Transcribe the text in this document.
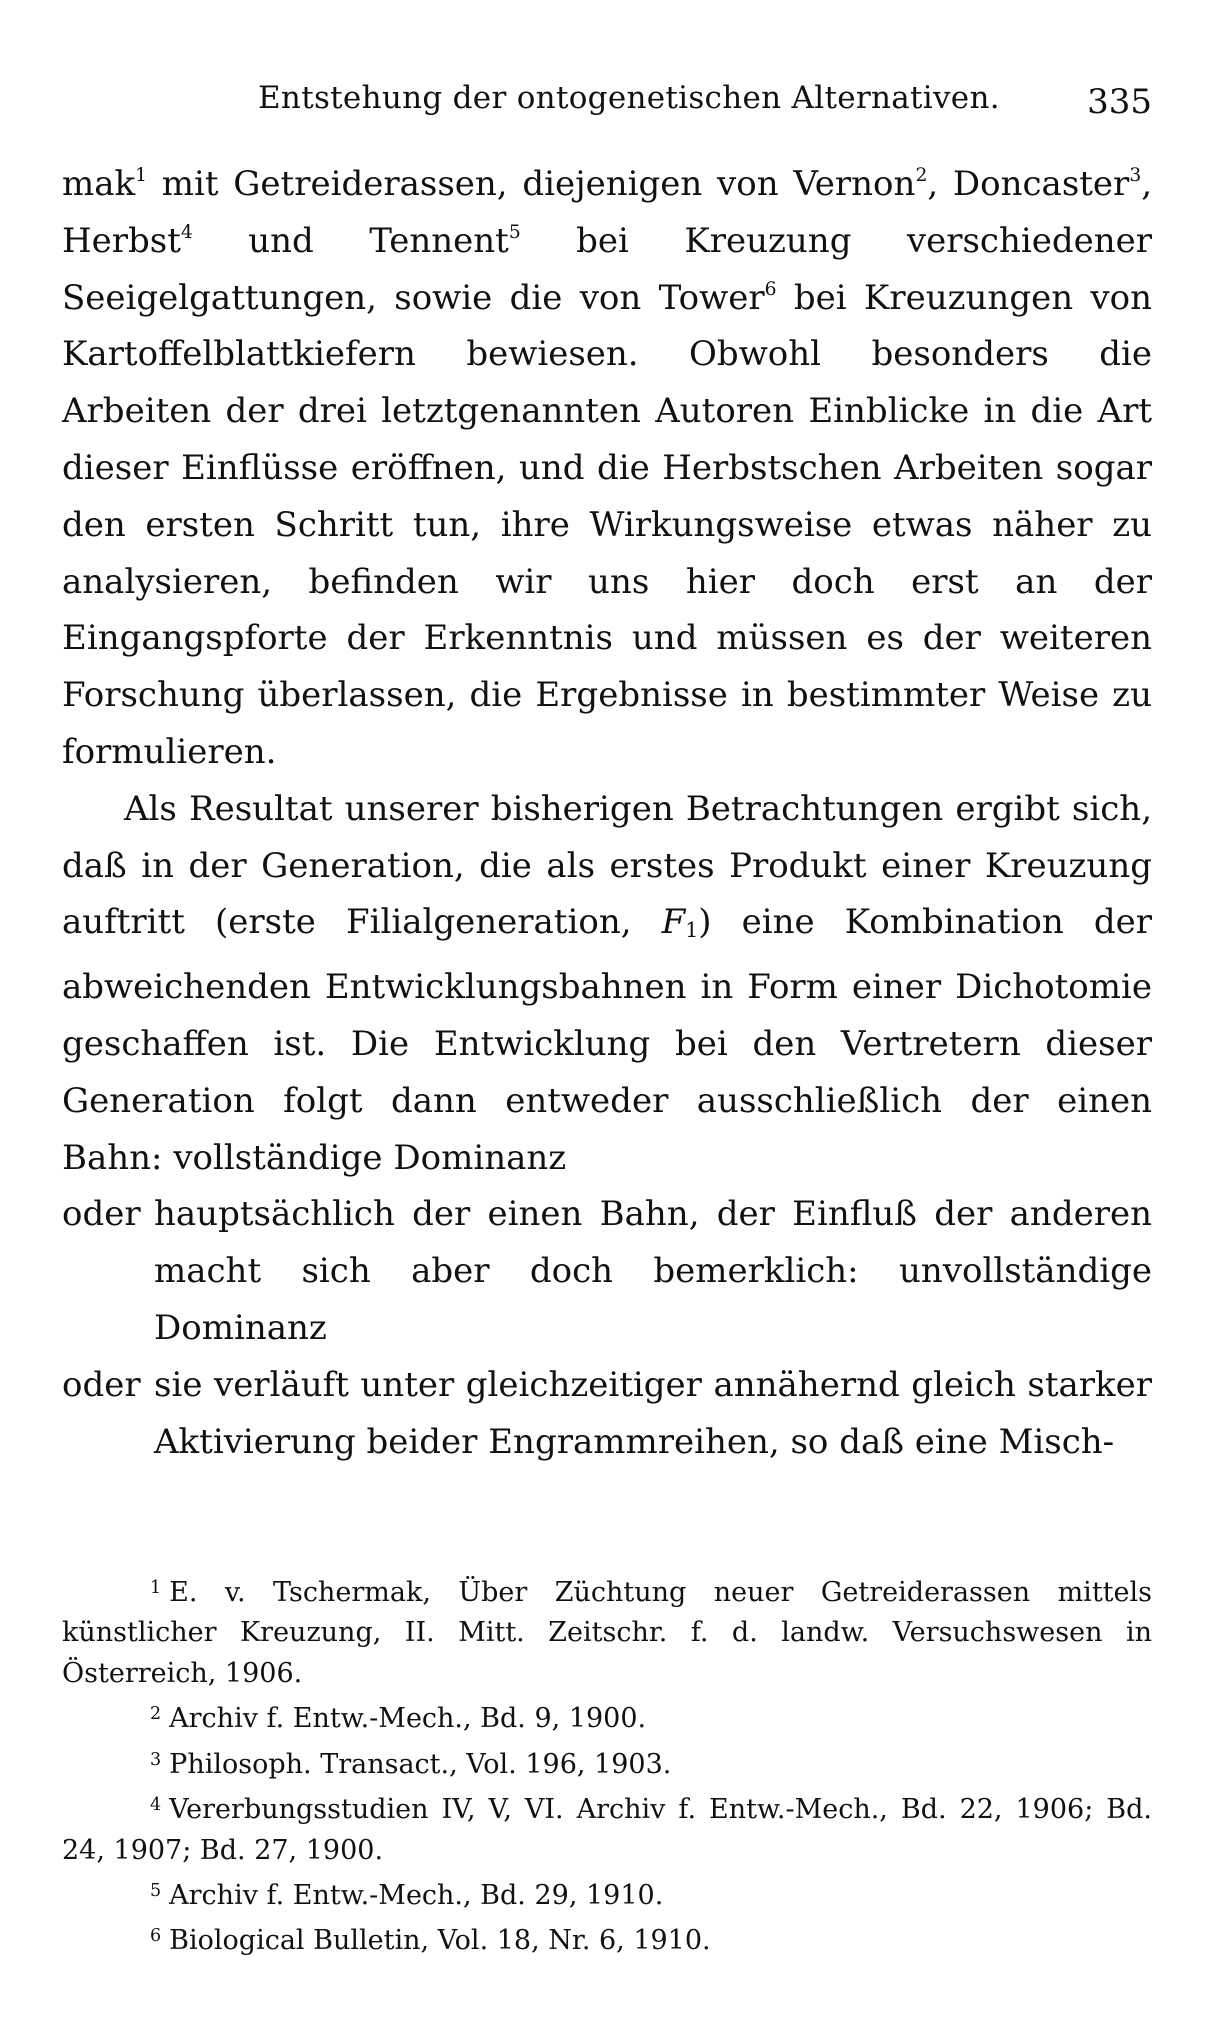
Entstehung der ontogenetischen Alternativen.	335

mak$^1$ mit Getreiderassen, diejenigen von Vernon$^2$, Doncaster$^3$, Herbst$^4$ und Tennent$^5$ bei Kreuzung verschiedener Seeigelgattungen, sowie die von Tower$^6$ bei Kreuzungen von Kartoffelblattkiefern bewiesen. Obwohl besonders die Arbeiten der drei letztgenannten Autoren Einblicke in die Art dieser Einflüsse eröffnen, und die Herbstschen Arbeiten sogar den ersten Schritt tun, ihre Wirkungsweise etwas näher zu analysieren, befinden wir uns hier doch erst an der Eingangspforte der Erkenntnis und müssen es der weiteren Forschung überlassen, die Ergebnisse in bestimmter Weise zu formulieren.

Als Resultat unserer bisherigen Betrachtungen ergibt sich, daß in der Generation, die als erstes Produkt einer Kreuzung auftritt (erste Filialgeneration, $F_1$) eine Kombination der abweichenden Entwicklungsbahnen in Form einer Dichotomie geschaffen ist. Die Entwicklung bei den Vertretern dieser Generation folgt dann entweder ausschließlich der einen Bahn: vollständige Dominanz

oder hauptsächlich der einen Bahn, der Einfluß der anderen macht sich aber doch bemerklich: unvollständige Dominanz
oder sie verläuft unter gleichzeitiger annähernd gleich starker Aktivierung beider Engrammreihen, so daß eine Misch-

$^1$ E. v. Tschermak, Über Züchtung neuer Getreiderassen mittels künstlicher Kreuzung, II. Mitt. Zeitschr. f. d. landw. Versuchswesen in Österreich, 1906.

$^2$ Archiv f. Entw.-Mech., Bd. 9, 1900.

$^3$ Philosoph. Transact., Vol. 196, 1903.

$^4$ Vererbungsstudien IV, V, VI. Archiv f. Entw.-Mech., Bd. 22, 1906; Bd. 24, 1907; Bd. 27, 1900.

$^5$ Archiv f. Entw.-Mech., Bd. 29, 1910.

$^6$ Biological Bulletin, Vol. 18, Nr. 6, 1910.
